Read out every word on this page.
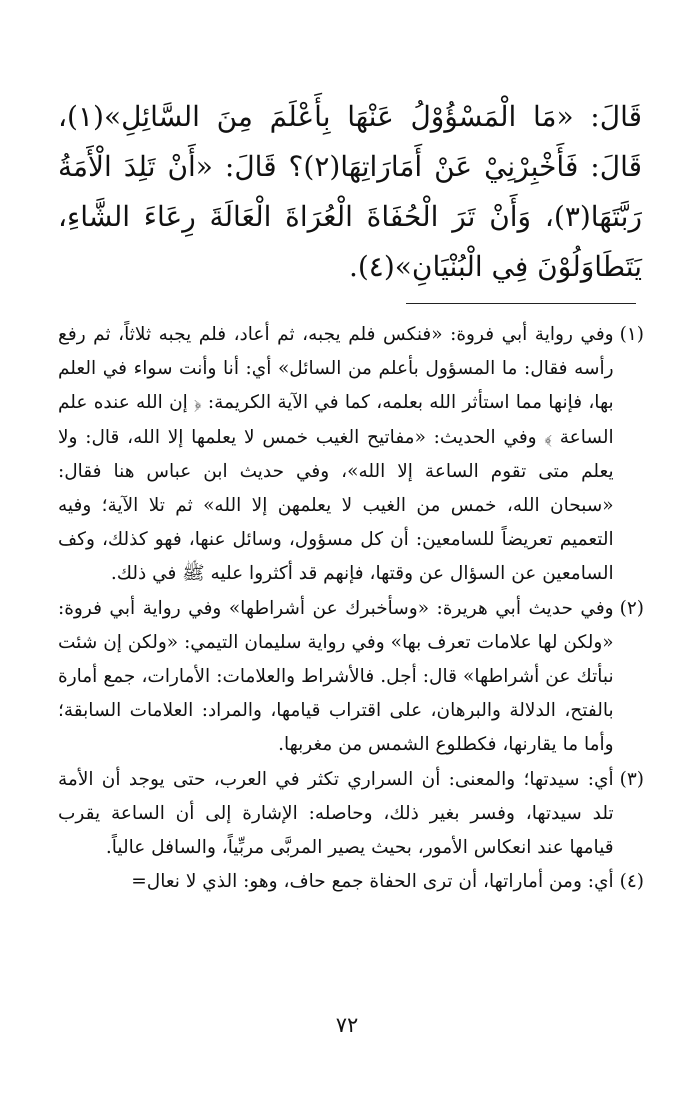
قَالَ: «مَا الْمَسْؤُوْلُ عَنْهَا بِأَعْلَمَ مِنَ السَّائِلِ»(١)، قَالَ: فَأَخْبِرْنِيْ عَنْ أَمَارَاتِهَا(٢)؟ قَالَ: «أَنْ تَلِدَ الْأَمَةُ رَبَّتَهَا(٣)، وَأَنْ تَرَ الْحُفَاةَ الْعُرَاةَ الْعَالَةَ رِعَاءَ الشَّاءِ، يَتَطَاوَلُوْنَ فِي الْبُنْيَانِ»(٤).

(١)
وفي رواية أبي فروة: «فنكس فلم يجبه، ثم أعاد، فلم يجبه ثلاثاً، ثم رفع رأسه فقال: ما المسؤول بأعلم من السائل» أي: أنا وأنت سواء في العلم بها، فإنها مما استأثر الله بعلمه، كما في الآية الكريمة: ﴿ إن الله عنده علم الساعة ﴾ وفي الحديث: «مفاتيح الغيب خمس لا يعلمها إلا الله، قال: ولا يعلم متى تقوم الساعة إلا الله»، وفي حديث ابن عباس هنا فقال: «سبحان الله، خمس من الغيب لا يعلمهن إلا الله» ثم تلا الآية؛ وفيه التعميم تعريضاً للسامعين: أن كل مسؤول، وسائل عنها، فهو كذلك، وكف السامعين عن السؤال عن وقتها، فإنهم قد أكثروا عليه ﷺ في ذلك.

(٢)
وفي حديث أبي هريرة: «وسأخبرك عن أشراطها» وفي رواية أبي فروة: «ولكن لها علامات تعرف بها» وفي رواية سليمان التيمي: «ولكن إن شئت نبأتك عن أشراطها» قال: أجل. فالأشراط والعلامات: الأمارات، جمع أمارة بالفتح، الدلالة والبرهان، على اقتراب قيامها، والمراد: العلامات السابقة؛ وأما ما يقارنها، فكطلوع الشمس من مغربها.

(٣)
أي: سيدتها؛ والمعنى: أن السراري تكثر في العرب، حتى يوجد أن الأمة تلد سيدتها، وفسر بغير ذلك، وحاصله: الإشارة إلى أن الساعة يقرب قيامها عند انعكاس الأمور، بحيث يصير المربَّى مربِّياً، والسافل عالياً.

(٤)
أي: ومن أماراتها، أن ترى الحفاة جمع حاف، وهو: الذي لا نعال=

٧٢
